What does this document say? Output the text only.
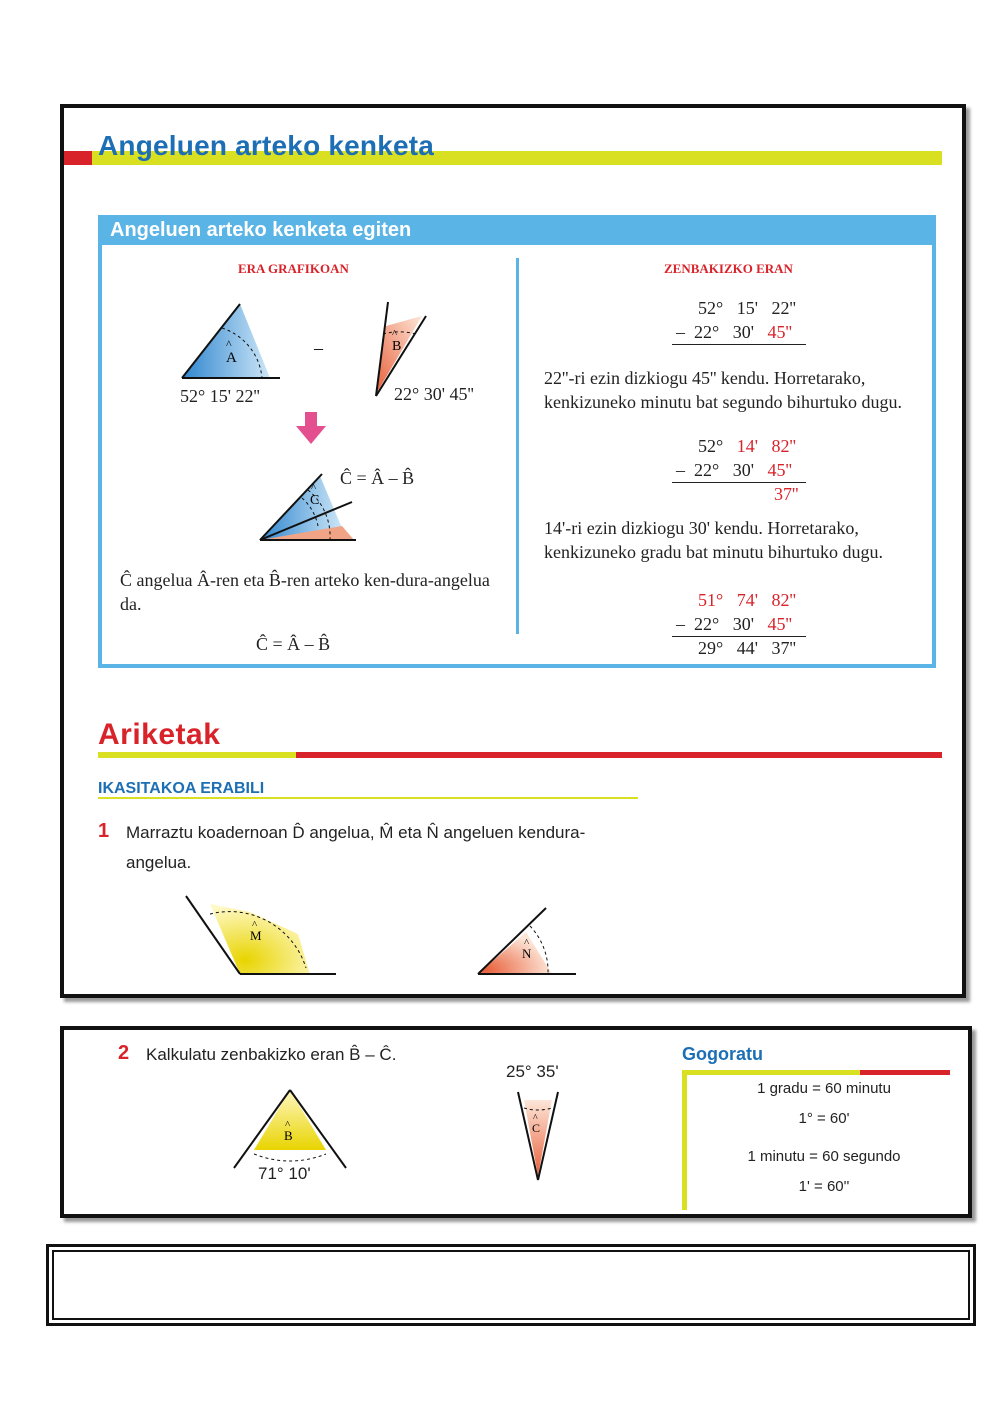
Angeluen arteko kenketa
Angeluen arteko kenketa egiten
ERA GRAFIKOAN
A
^	–	B
^
C
^
52° 15' 22''	22° 30' 45''
Ĉ = Â – B̂
Ĉ angelua Â-ren eta B̂-ren arteko ken-dura-angelua da.
Ĉ = Â – B̂
ZENBAKIZKO ERAN
52° 15' 22''
– 22° 30' 45''
22''-ri ezin dizkiogu 45'' kendu. Horretarako, kenkizuneko minutu bat segundo bihurtuko dugu.
52° 14' 82''
– 22° 30' 45''
37''
14'-ri ezin dizkiogu 30' kendu. Horretarako, kenkizuneko gradu bat minutu bihurtuko dugu.
51° 74' 82''
– 22° 30' 45''
29° 44' 37''
Ariketak
IKASITAKOA ERABILI
1 Marraztu koadernoan D̂ angelua, M̂ eta N̂ angeluen kendura-
angelua.
M
^
N
^
2 Kalkulatu zenbakizko eran B̂ – Ĉ.
B
^	C
^
71° 10'
25° 35'
Gogoratu
1 gradu = 60 minutu
1° = 60'
1 minutu = 60 segundo
1' = 60''
